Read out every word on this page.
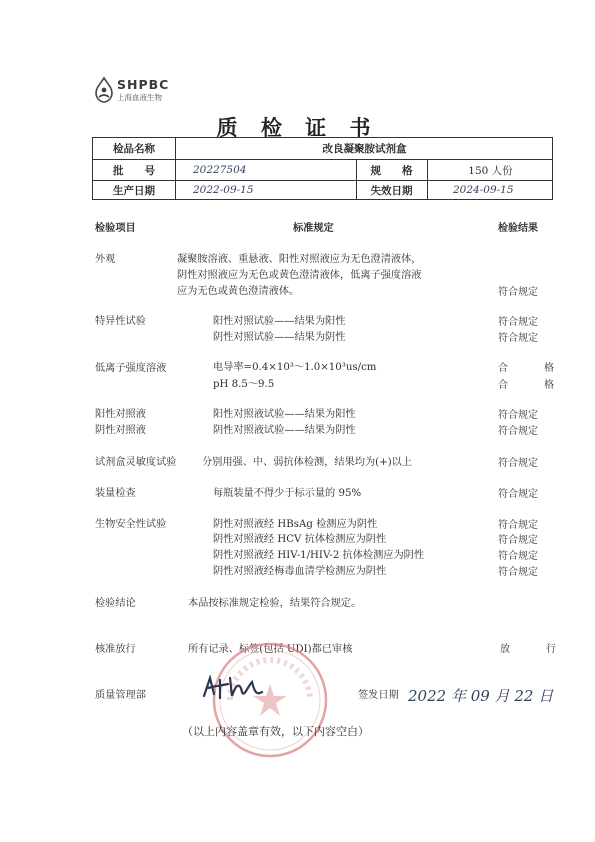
SHPBC
上海血液生物
质 检 证 书
检品名称	改良凝聚胺试剂盒
批　　号	20227504	规　　格	150 人份
生产日期	2022-09-15	失效日期	2024-09-15
检验项目	标准规定	检验结果
外观	凝聚胺溶液、重悬液、阳性对照液应为无色澄清液体，
阴性对照液应为无色或黄色澄清液体，低离子强度溶液
应为无色或黄色澄清液体。	符合规定
特异性试验	阳性对照试验——结果为阳性	符合规定
阴性对照试验——结果为阴性	符合规定
低离子强度溶液	电导率=0.4×10³～1.0×10³us/cm	合　格
pH 8.5～9.5	合　格
阳性对照液	阳性对照液试验——结果为阳性	符合规定
阴性对照液	阴性对照液试验——结果为阴性	符合规定
试剂盒灵敏度试验	分别用强、中、弱抗体检测，结果均为(+)以上	符合规定
装量检查	每瓶装量不得少于标示量的 95%	符合规定
生物安全性试验	阴性对照液经 HBsAg 检测应为阴性	符合规定
阴性对照液经 HCV 抗体检测应为阴性	符合规定
阴性对照液经 HIV-1/HIV-2 抗体检测应为阴性	符合规定
阴性对照液经梅毒血清学检测应为阴性	符合规定
检验结论	本品按标准规定检验，结果符合规定。
核准放行	所有记录、标签(包括 UDI)都已审核	放　行
质量管理部	签发日期 2022 年 09 月 22 日
（以上内容盖章有效，以下内容空白）
